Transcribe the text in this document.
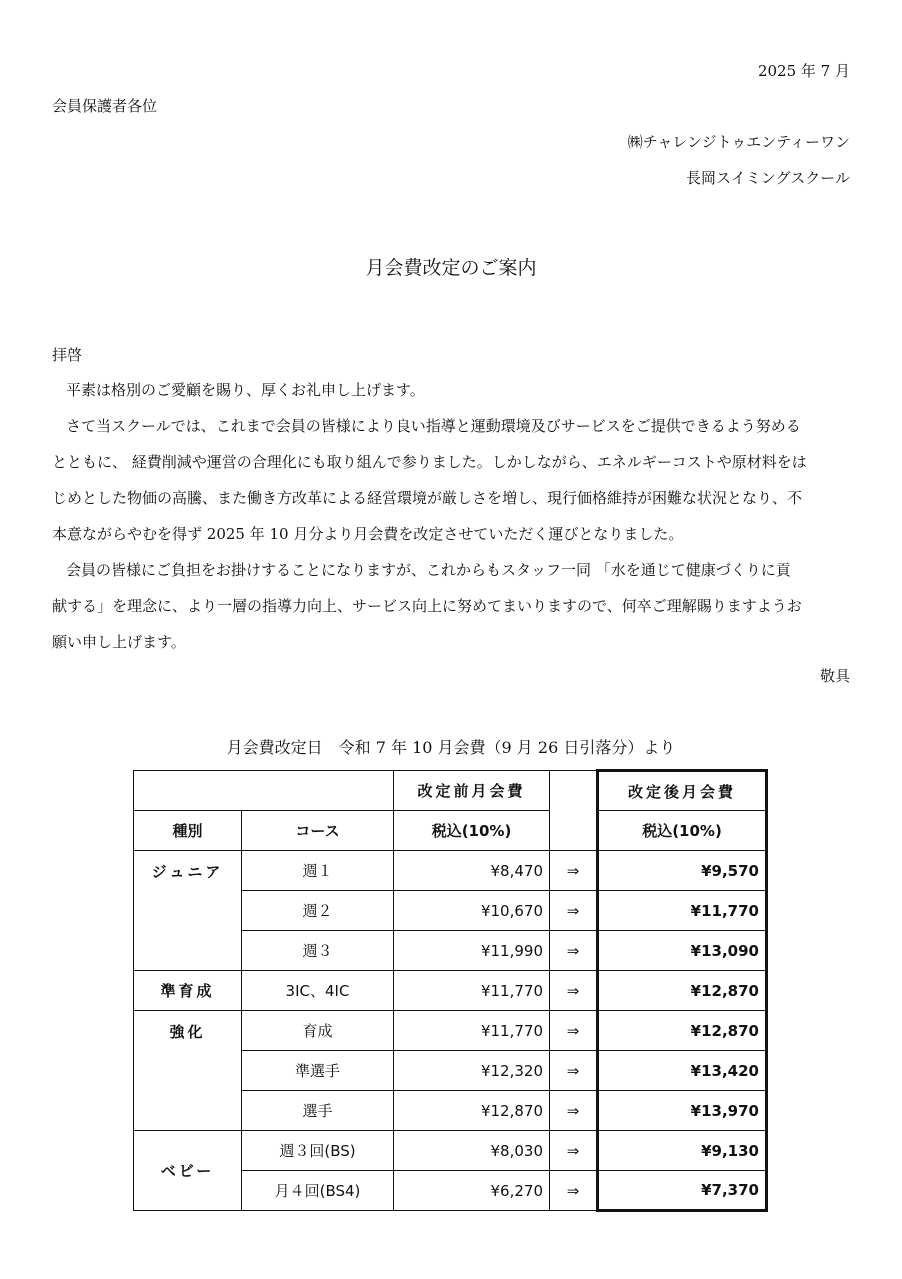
2025 年 7 月
会員保護者各位
㈱チャレンジトゥエンティーワン
長岡スイミングスクール
月会費改定のご案内
拝啓

平素は格別のご愛顧を賜り、厚くお礼申し上げます。

さて当スクールでは、これまで会員の皆様により良い指導と運動環境及びサービスをご提供できるよう努める

とともに、 経費削減や運営の合理化にも取り組んで参りました。しかしながら、エネルギーコストや原材料をは

じめとした物価の高騰、また働き方改革による経営環境が厳しさを増し、現行価格維持が困難な状況となり、不

本意ながらやむを得ず 2025 年 10 月分より月会費を改定させていただく運びとなりました。

会員の皆様にご負担をお掛けすることになりますが、これからもスタッフ一同 「水を通じて健康づくりに貢

献する」を理念に、より一層の指導力向上、サービス向上に努めてまいりますので、何卒ご理解賜りますようお

願い申し上げます。

敬具
月会費改定日　令和 7 年 10 月会費（9 月 26 日引落分）より
		改定前月会費		改定後月会費
種別	コース	税込(10%)		税込(10%)
ジュニア	週１	¥8,470	⇒	¥9,570
	週２	¥10,670	⇒	¥11,770
	週３	¥11,990	⇒	¥13,090
準育成	3IC、4IC	¥11,770	⇒	¥12,870
強化	育成	¥11,770	⇒	¥12,870
	準選手	¥12,320	⇒	¥13,420
	選手	¥12,870	⇒	¥13,970
ベビー	週３回(BS)	¥8,030	⇒	¥9,130
	月４回(BS4)	¥6,270	⇒	¥7,370
